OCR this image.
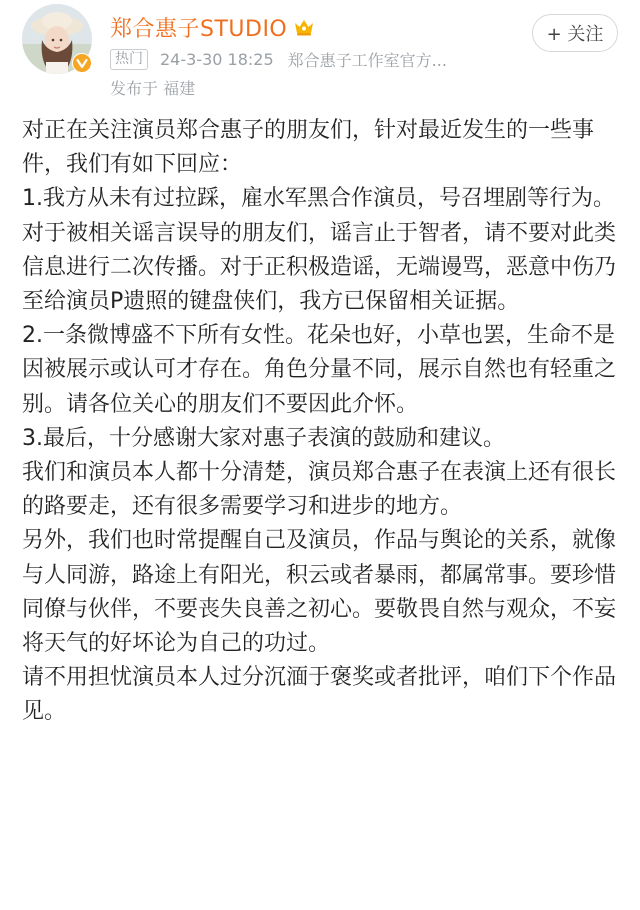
郑合惠子STUDIO
热门	24-3-30 18:25 郑合惠子工作室官方...
发布于 福建
+ 关注

对正在关注演员郑合惠子的朋友们，针对最近发生的一些事件，我们有如下回应：

1.我方从未有过拉踩，雇水军黑合作演员，号召埋剧等行为。对于被相关谣言误导的朋友们，谣言止于智者，请不要对此类信息进行二次传播。对于正积极造谣，无端谩骂，恶意中伤乃至给演员P遗照的键盘侠们，我方已保留相关证据。

2.一条微博盛不下所有女性。花朵也好，小草也罢，生命不是因被展示或认可才存在。角色分量不同，展示自然也有轻重之别。请各位关心的朋友们不要因此介怀。

3.最后，十分感谢大家对惠子表演的鼓励和建议。

我们和演员本人都十分清楚，演员郑合惠子在表演上还有很长的路要走，还有很多需要学习和进步的地方。

另外，我们也时常提醒自己及演员，作品与舆论的关系，就像与人同游，路途上有阳光，积云或者暴雨，都属常事。要珍惜同僚与伙伴，不要丧失良善之初心。要敬畏自然与观众，不妄将天气的好坏论为自己的功过。

请不用担忧演员本人过分沉湎于褒奖或者批评，咱们下个作品见。
